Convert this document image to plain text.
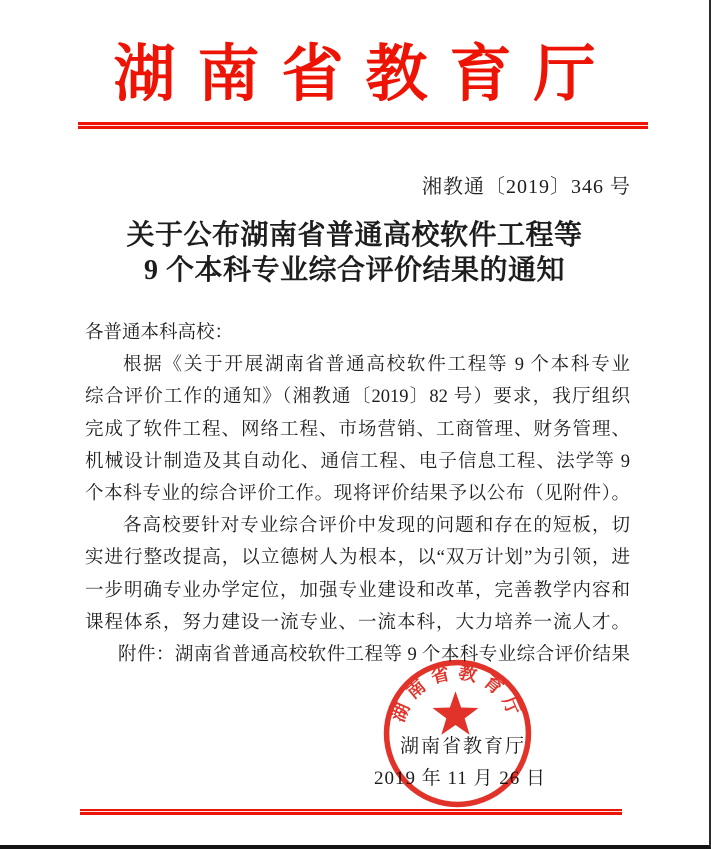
湖南省教育厅
湘教通〔2019〕346 号
关于公布湖南省普通高校软件工程等
9 个本科专业综合评价结果的通知
各普通本科高校：
根据《关于开展湖南省普通高校软件工程等 9 个本科专业
综合评价工作的通知》（湘教通〔2019〕82 号）要求，我厅组织
完成了软件工程、网络工程、市场营销、工商管理、财务管理、
机械设计制造及其自动化、通信工程、电子信息工程、法学等 9
个本科专业的综合评价工作。现将评价结果予以公布（见附件）。
各高校要针对专业综合评价中发现的问题和存在的短板，切
实进行整改提高，以立德树人为根本，以“双万计划”为引领，进
一步明确专业办学定位，加强专业建设和改革，完善教学内容和
课程体系，努力建设一流专业、一流本科，大力培养一流人才。
附件：湖南省普通高校软件工程等 9 个本科专业综合评价结果
湖南省教育厅
2019 年 11 月 26 日
湖南省教育厅
